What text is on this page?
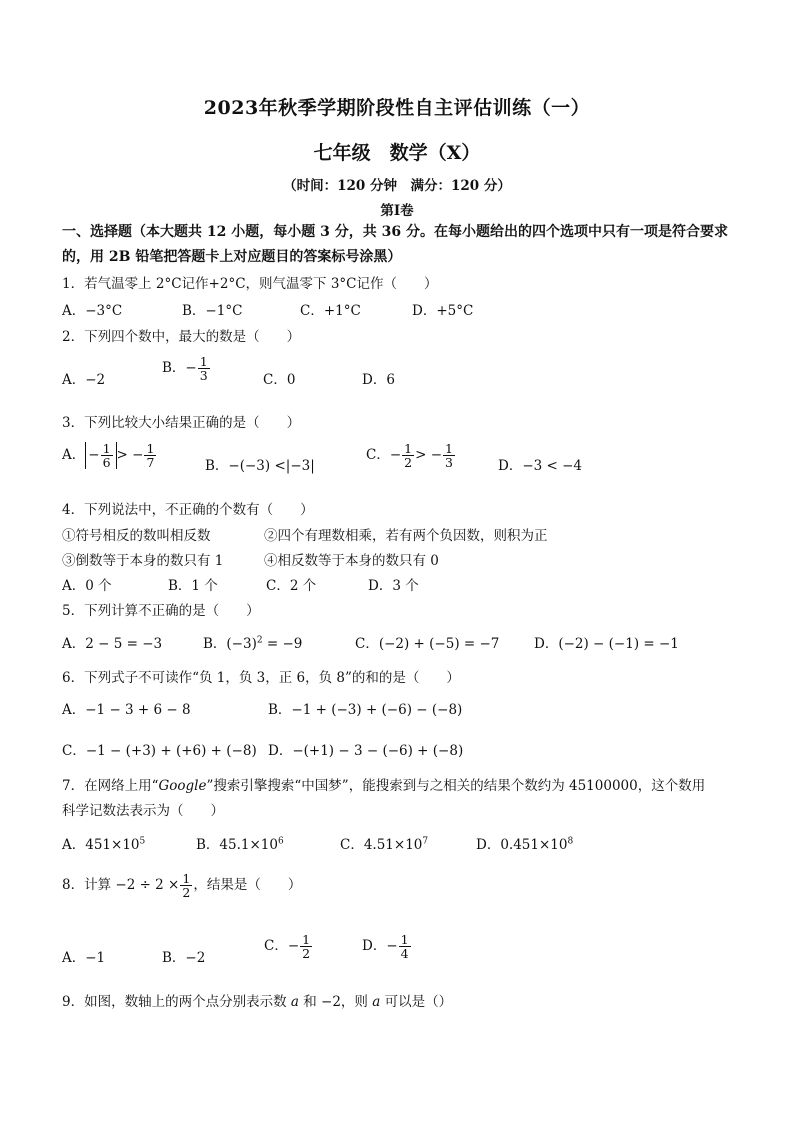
2023年秋季学期阶段性自主评估训练（一）
七年级　数学（X）
（时间：120 分钟　满分：120 分）
第Ⅰ卷
一、选择题（本大题共 12 小题，每小题 3 分，共 36 分。在每小题给出的四个选项中只有一项是符合要求的，用 2B 铅笔把答题卡上对应题目的答案标号涂黑）
1．若气温零上 2°C记作+2°C，则气温零下 3°C记作（　　）
A．−3°C	B．−1°C	C．+1°C	D．+5°C
2．下列四个数中，最大的数是（　　）
A．−2
B．− $\frac{1}{3}$	C．0	D．6
3．下列比较大小结果正确的是（　　）
A． − $\frac{1}{6}$ > − $\frac{1}{7}$	B．−(−3) <|−3|
C．− $\frac{1}{2}$ > − $\frac{1}{3}$	D．−3 < −4
4．下列说法中，不正确的个数有（　　）
①符号相反的数叫相反数	②四个有理数相乘，若有两个负因数，则积为正
③倒数等于本身的数只有 1	④相反数等于本身的数只有 0
A．0 个	B．1 个	C．2 个	D．3 个
5．下列计算不正确的是（　　）
A．2 − 5 = −3	B．$(-3)^2 = -9$	C．(−2) + (−5) = −7	D．(−2) − (−1) = −1
6．下列式子不可读作“负 1，负 3，正 6，负 8”的和的是（　　）
A．−1 − 3 + 6 − 8	B．−1 + (−3) + (−6) − (−8)
C．−1 − (+3) + (+6) + (−8) D．−(+1) − 3 − (−6) + (−8)
7．在网络上用“Google”搜索引擎搜索“中国梦”，能搜索到与之相关的结果个数约为 45100000，这个数用
科学记数法表示为（　　）
A．$451\times 10^5$	B．$45.1\times 10^6$	C．$4.51\times 10^7$	D．$0.451\times 10^8$
8．计算 $-2 \div 2 \times \frac{1}{2}$ ，结果是（　　）
A．−1	B．−2
C．− $\frac{1}{2}$	D．− $\frac{1}{4}$
9．如图，数轴上的两个点分别表示数 a 和 −2，则 a 可以是（）
